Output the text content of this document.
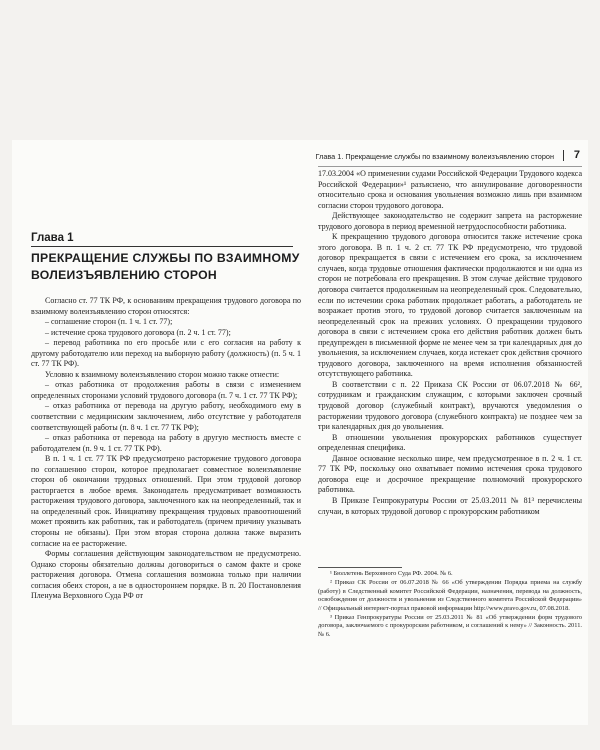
Глава 1. Прекращение службы по взаимному волеизъявлению сторон 7
Глава 1
ПРЕКРАЩЕНИЕ СЛУЖБЫ ПО ВЗАИМНОМУ
ВОЛЕИЗЪЯВЛЕНИЮ СТОРОН

Согласно ст. 77 ТК РФ, к основаниям прекращения трудового договора по взаимному волеизъявлению сторон относятся:

– соглашение сторон (п. 1 ч. 1 ст. 77);

– истечение срока трудового договора (п. 2 ч. 1 ст. 77);

– перевод работника по его просьбе или с его согласия на работу к другому работодателю или переход на выборную работу (должность) (п. 5 ч. 1 ст. 77 ТК РФ).

Условно к взаимному волеизъявлению сторон можно также отнести:

– отказ работника от продолжения работы в связи с изменением определенных сторонами условий трудового договора (п. 7 ч. 1 ст. 77 ТК РФ);

– отказ работника от перевода на другую работу, необходимого ему в соответствии с медицинским заключением, либо отсутствие у работодателя соответствующей работы (п. 8 ч. 1 ст. 77 ТК РФ);

– отказ работника от перевода на работу в другую местность вместе с работодателем (п. 9 ч. 1 ст. 77 ТК РФ).

В п. 1 ч. 1 ст. 77 ТК РФ предусмотрено расторжение трудового договора по соглашению сторон, которое предполагает совместное волеизъявление сторон об окончании трудовых отношений. При этом трудовой договор расторгается в любое время. Законодатель предусматривает возможность расторжения трудового договора, заключенного как на неопределенный, так и на определенный срок. Инициативу прекращения трудовых правоотношений может проявить как работник, так и работодатель (причем причину указывать стороны не обязаны). При этом вторая сторона должна также выразить согласие на ее расторжение.

Формы соглашения действующим законодательством не предусмотрено. Однако стороны обязательно должны договориться о самом факте и сроке расторжения договора. Отмена соглашения возможна только при наличии согласия обеих сторон, а не в одностороннем порядке. В п. 20 Постановления Пленума Верховного Суда РФ от

17.03.2004 «О применении судами Российской Федерации Трудового кодекса Российской Федерации»¹ разъяснено, что аннулирование договоренности относительно срока и основания увольнения возможно лишь при взаимном согласии сторон трудового договора.

Действующее законодательство не содержит запрета на расторжение трудового договора в период временной нетрудоспособности работника.

К прекращению трудового договора относится также истечение срока этого договора. В п. 1 ч. 2 ст. 77 ТК РФ предусмотрено, что трудовой договор прекращается в связи с истечением его срока, за исключением случаев, когда трудовые отношения фактически продолжаются и ни одна из сторон не потребовала его прекращения. В этом случае действие трудового договора считается продолженным на неопределенный срок. Следовательно, если по истечении срока работник продолжает работать, а работодатель не возражает против этого, то трудовой договор считается заключенным на неопределенный срок на прежних условиях. О прекращении трудового договора в связи с истечением срока его действия работник должен быть предупрежден в письменной форме не менее чем за три календарных дня до увольнения, за исключением случаев, когда истекает срок действия срочного трудового договора, заключенного на время исполнения обязанностей отсутствующего работника.

В соответствии с п. 22 Приказа СК России от 06.07.2018 № 66², сотрудникам и гражданским служащим, с которыми заключен срочный трудовой договор (служебный контракт), вручаются уведомления о расторжении трудового договора (служебного контракта) не позднее чем за три календарных дня до увольнения.

В отношении увольнения прокурорских работников существует определенная специфика.

Данное основание несколько шире, чем предусмотренное в п. 2 ч. 1 ст. 77 ТК РФ, поскольку оно охватывает помимо истечения срока трудового договора еще и досрочное прекращение полномочий прокурорского работника.

В Приказе Генпрокуратуры России от 25.03.2011 № 81³ перечислены случаи, в которых трудовой договор с прокурорским работником

¹ Бюллетень Верховного Суда РФ. 2004. № 6.

² Приказ СК России от 06.07.2018 № 66 «Об утверждении Порядка приема на службу (работу) в Следственный комитет Российской Федерации, назначения, перевода на должность, освобождения от должности и увольнения из Следственного комитета Российской Федерации» // Официальный интернет-портал правовой информации http://www.pravo.gov.ru, 07.08.2018.

³ Приказ Генпрокуратуры России от 25.03.2011 № 81 «Об утверждении форм трудового договора, заключаемого с прокурорским работником, и соглашений к нему» // Законность. 2011. № 6.
